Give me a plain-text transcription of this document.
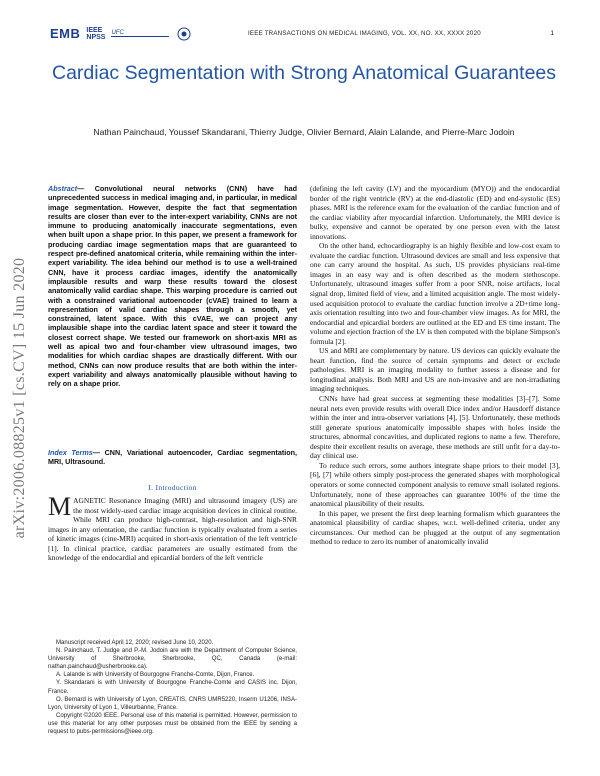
EMB IEEE
NPSS
UFC	IEEE TRANSACTIONS ON MEDICAL IMAGING, VOL. XX, NO. XX, XXXX 2020	1
arXiv:2006.08825v1 [cs.CV] 15 Jun 2020
Cardiac Segmentation with Strong Anatomical Guarantees
Nathan Painchaud, Youssef Skandarani, Thierry Judge, Olivier Bernard, Alain Lalande, and Pierre-Marc Jodoin
Abstract— Convolutional neural networks (CNN) have had unprecedented success in medical imaging and, in particular, in medical image segmentation. However, despite the fact that segmentation results are closer than ever to the inter-expert variability, CNNs are not immune to producing anatomically inaccurate segmentations, even when built upon a shape prior. In this paper, we present a framework for producing cardiac image segmentation maps that are guaranteed to respect pre-defined anatomical criteria, while remaining within the inter-expert variability. The idea behind our method is to use a well-trained CNN, have it process cardiac images, identify the anatomically implausible results and warp these results toward the closest anatomically valid cardiac shape. This warping procedure is carried out with a constrained variational autoencoder (cVAE) trained to learn a representation of valid cardiac shapes through a smooth, yet constrained, latent space. With this cVAE, we can project any implausible shape into the cardiac latent space and steer it toward the closest correct shape. We tested our framework on short-axis MRI as well as apical two and four-chamber view ultrasound images, two modalities for which cardiac shapes are drastically different. With our method, CNNs can now produce results that are both within the inter-expert variability and always anatomically plausible without having to rely on a shape prior.
Index Terms— CNN, Variational autoencoder, Cardiac segmentation, MRI, Ultrasound.
I. Introduction
MAGNETIC Resonance Imaging (MRI) and ultrasound imagery (US) are the most widely-used cardiac image acquisition devices in clinical routine. While MRI can produce high-contrast, high-resolution and high-SNR images in any orientation, the cardiac function is typically evaluated from a series of kinetic images (cine-MRI) acquired in short-axis orientation of the left ventricle [1]. In clinical practice, cardiac parameters are usually estimated from the knowledge of the endocardial and epicardial borders of the left ventricle

Manuscript received April 12, 2020; revised June 10, 2020.

N. Painchaud, T. Judge and P.-M. Jodoin are with the Department of Computer Science, University of Sherbrooke, Sherbrooke, QC, Canada (e-mail: nathan.painchaud@usherbrooke.ca).

A. Lalande is with University of Bourgogne Franche-Comte, Dijon, France.

Y. Skandarani is with University of Bourgogne Franche-Comte and CASIS inc. Dijon, France.

O. Bernard is with University of Lyon, CREATIS, CNRS UMR5220, Inserm U1206, INSA-Lyon, University of Lyon 1, Villeurbanne, France.

Copyright ©2020 IEEE. Personal use of this material is permitted. However, permission to use this material for any other purposes must be obtained from the IEEE by sending a request to pubs-permissions@ieee.org.

(defining the left cavity (LV) and the myocardium (MYO)) and the endocardial border of the right ventricle (RV) at the end-diastolic (ED) and end-systolic (ES) phases. MRI is the reference exam for the evaluation of the cardiac function and of the cardiac viability after myocardial infarction. Unfortunately, the MRI device is bulky, expensive and cannot be operated by one person even with the latest innovations.

On the other hand, echocardiography is an highly flexible and low-cost exam to evaluate the cardiac function. Ultrasound devices are small and less expensive that one can carry around the hospital. As such, US provides physicians real-time images in an easy way and is often described as the modern stethoscope. Unfortunately, ultrasound images suffer from a poor SNR, noise artifacts, local signal drop, limited field of view, and a limited acquisition angle. The most widely-used acquisition protocol to evaluate the cardiac function involve a 2D+time long-axis orientation resulting into two and four-chamber view images. As for MRI, the endocardial and epicardial borders are outlined at the ED and ES time instant. The volume and ejection fraction of the LV is then computed with the biplane Simpson's formula [2].

US and MRI are complementary by nature. US devices can quickly evaluate the heart function, find the source of certain symptoms and detect or exclude pathologies. MRI is an imaging modality to further assess a disease and for longitudinal analysis. Both MRI and US are non-invasive and are non-irradiating imaging techniques.

CNNs have had great success at segmenting these modalities [3]–[7]. Some neural nets even provide results with overall Dice index and/or Hausdorff distance within the inter and intra-observer variations [4], [5]. Unfortunately, these methods still generate spurious anatomically impossible shapes with holes inside the structures, abnormal concavities, and duplicated regions to name a few. Therefore, despite their excellent results on average, these methods are still unfit for a day-to-day clinical use.

To reduce such errors, some authors integrate shape priors to their model [3], [6], [7] while others simply post-process the generated shapes with morphological operators or some connected component analysis to remove small isolated regions. Unfortunately, none of these approaches can guarantee 100% of the time the anatomical plausibility of their results.

In this paper, we present the first deep learning formalism which guarantees the anatomical plausibility of cardiac shapes, w.r.t. well-defined criteria, under any circumstances. Our method can be plugged at the output of any segmentation method to reduce to zero its number of anatomically invalid
